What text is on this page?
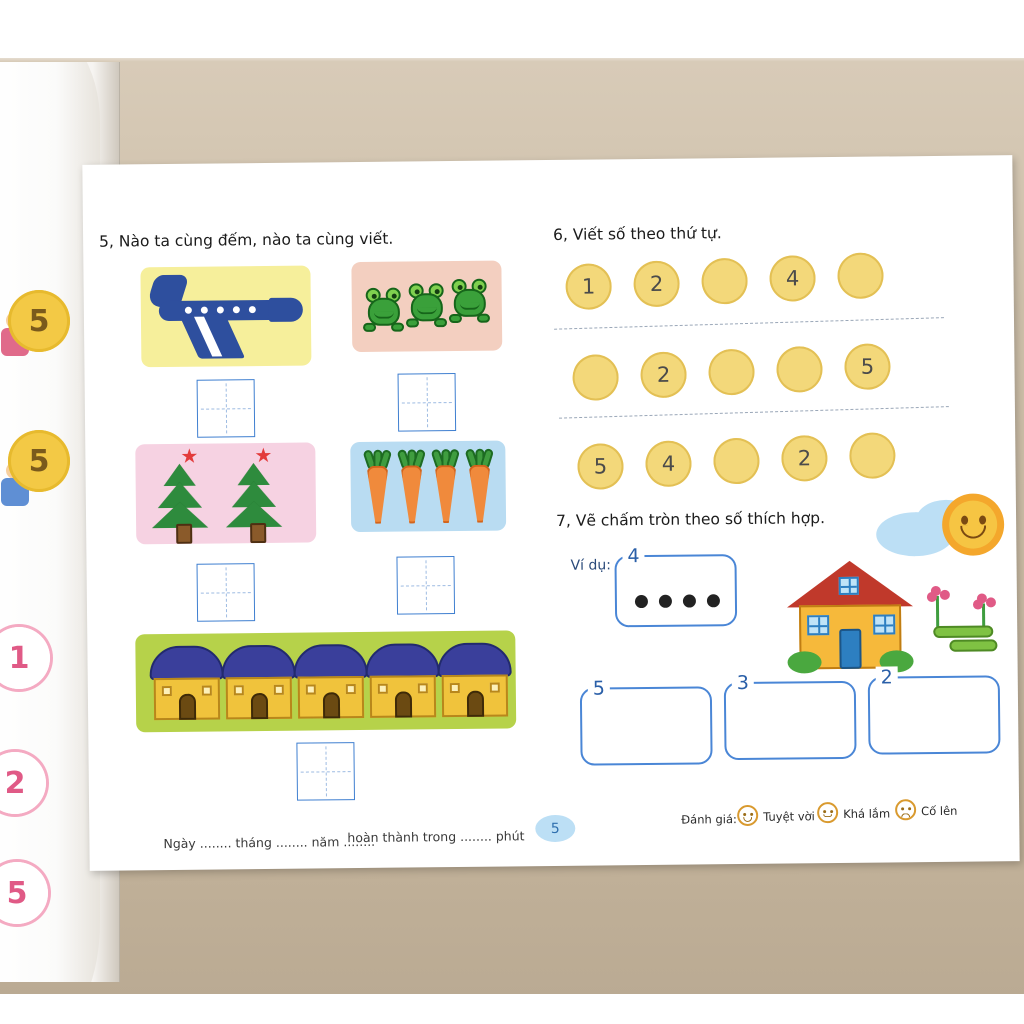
5
5
1
2
5
5, Nào ta cùng đếm, nào ta cùng viết.
★	★
6, Viết số theo thứ tự.
1	2	4
2	5
5	4	2
7, Vẽ chấm tròn theo số thích hợp.
Ví dụ: 4
5	3	2
Ngày ........ tháng ........ năm ........
hoàn thành trong ........ phút 5
Đánh giá: Tuyệt vời Khá lắm	Cố lên
